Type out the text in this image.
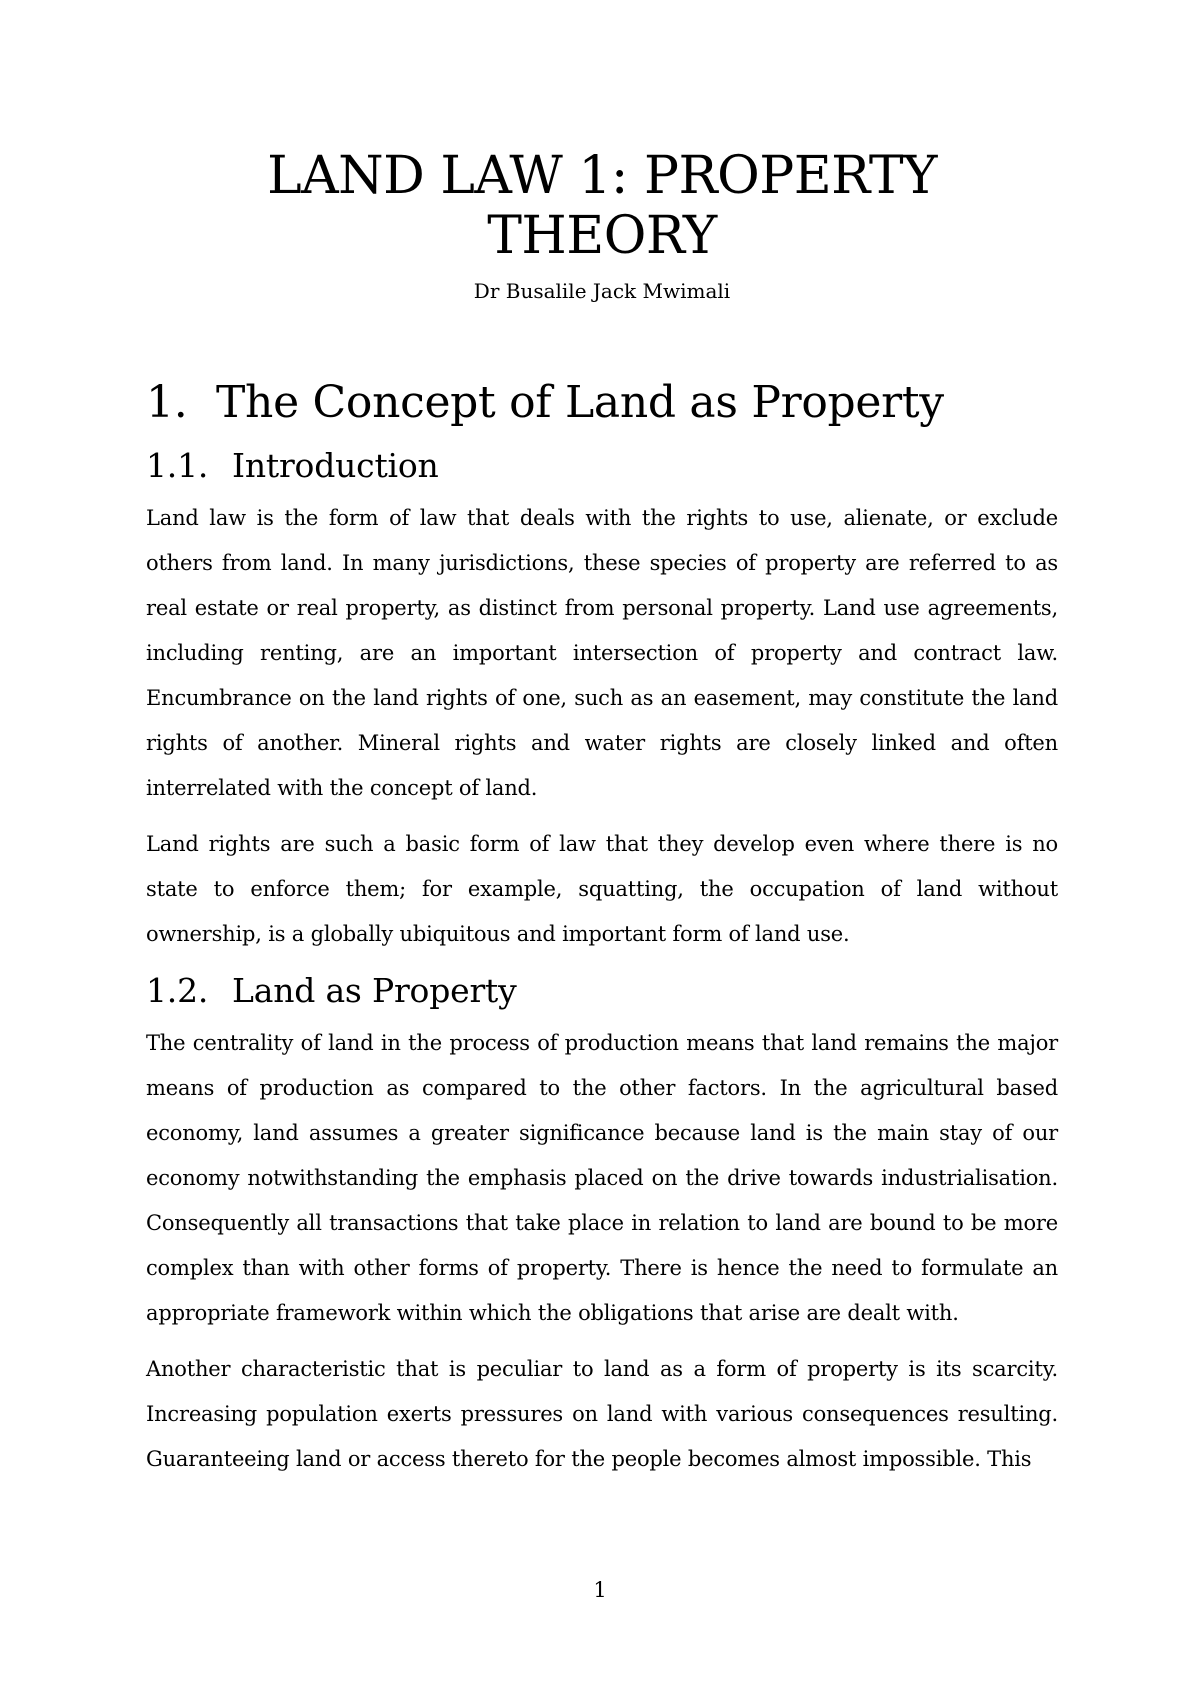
LAND LAW 1: PROPERTY THEORY
Dr Busalile Jack Mwimali
1. The Concept of Land as Property
1.1. Introduction

Land law is the form of law that deals with the rights to use, alienate, or exclude others from land. In many jurisdictions, these species of property are referred to as real estate or real property, as distinct from personal property. Land use agreements, including renting, are an important intersection of property and contract law. Encumbrance on the land rights of one, such as an easement, may constitute the land rights of another. Mineral rights and water rights are closely linked and often interrelated with the concept of land.

Land rights are such a basic form of law that they develop even where there is no state to enforce them; for example, squatting, the occupation of land without ownership, is a globally ubiquitous and important form of land use.

1.2. Land as Property

The centrality of land in the process of production means that land remains the major means of production as compared to the other factors. In the agricultural based economy, land assumes a greater significance because land is the main stay of our economy notwithstanding the emphasis placed on the drive towards industrialisation. Consequently all transactions that take place in relation to land are bound to be more complex than with other forms of property. There is hence the need to formulate an appropriate framework within which the obligations that arise are dealt with.

Another characteristic that is peculiar to land as a form of property is its scarcity. Increasing population exerts pressures on land with various consequences resulting. Guaranteeing land or access thereto for the people becomes almost impossible. This

1
